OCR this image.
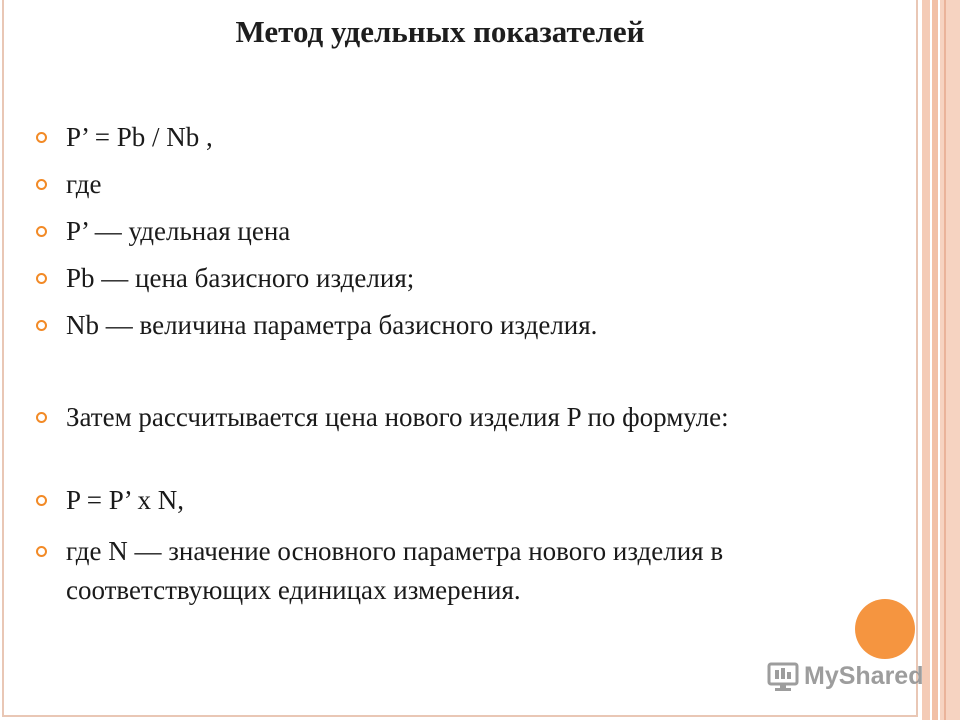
Метод удельных показателей
P’ = Pb / Nb ,
где
P’ — удельная цена
Pb — цена базисного изделия;
Nb — величина параметра базисного изделия.
Затем рассчитывается цена нового изделия P по формуле:
P = P’ x N,
где N — значение основного параметра нового изделия в соответствующих единицах измерения.
MyShared
